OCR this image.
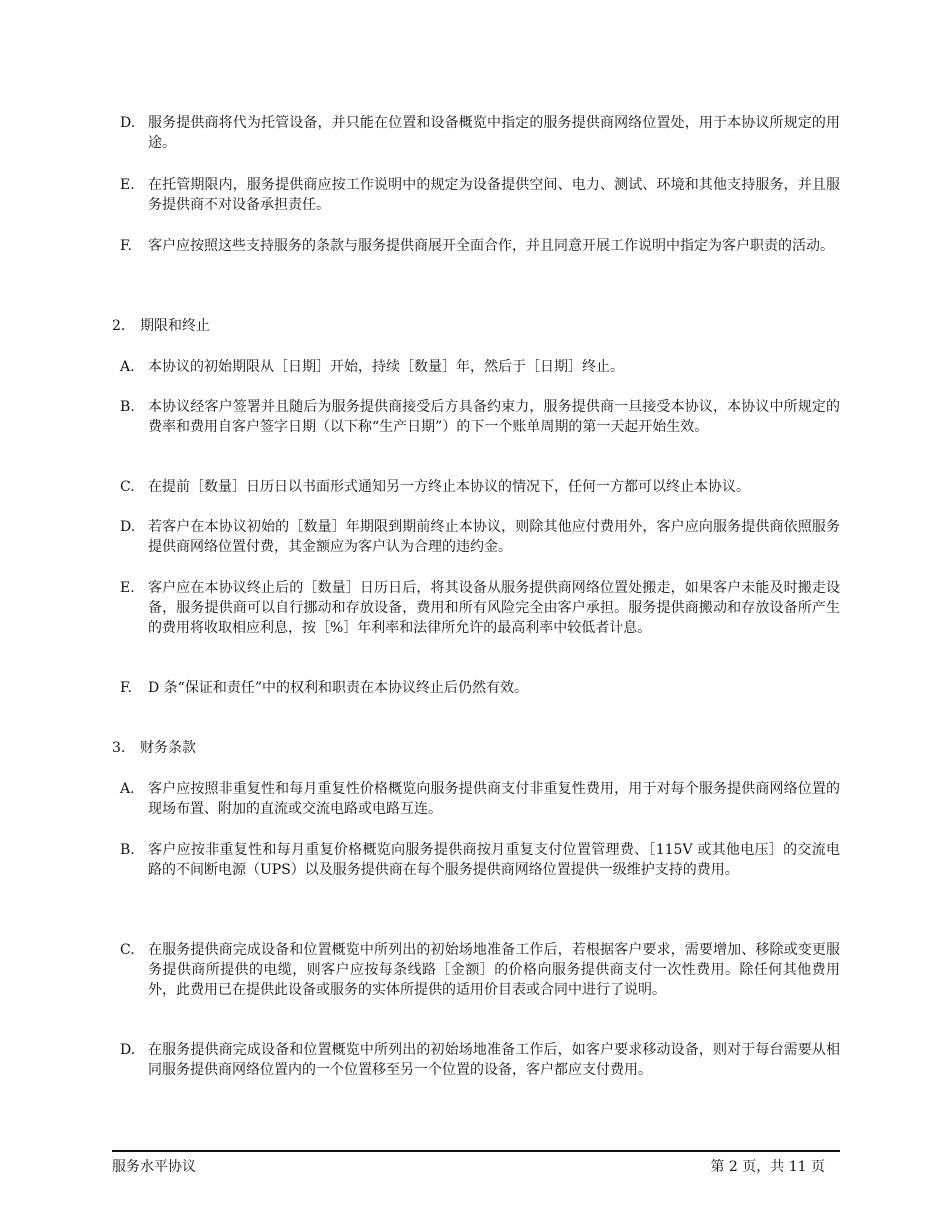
D. 服务提供商将代为托管设备，并只能在位置和设备概览中指定的服务提供商网络位置处，用于本协议所规定的用途。
E. 在托管期限内，服务提供商应按工作说明中的规定为设备提供空间、电力、测试、环境和其他支持服务，并且服务提供商不对设备承担责任。
F.	客户应按照这些支持服务的条款与服务提供商展开全面合作，并且同意开展工作说明中指定为客户职责的活动。
2. 期限和终止
A. 本协议的初始期限从［日期］开始，持续［数量］年，然后于［日期］终止。
B. 本协议经客户签署并且随后为服务提供商接受后方具备约束力，服务提供商一旦接受本协议，本协议中所规定的费率和费用自客户签字日期（以下称“生产日期”）的下一个账单周期的第一天起开始生效。
C. 在提前［数量］日历日以书面形式通知另一方终止本协议的情况下，任何一方都可以终止本协议。
D. 若客户在本协议初始的［数量］年期限到期前终止本协议，则除其他应付费用外，客户应向服务提供商依照服务提供商网络位置付费，其金额应为客户认为合理的违约金。
E. 客户应在本协议终止后的［数量］日历日后，将其设备从服务提供商网络位置处搬走，如果客户未能及时搬走设备，服务提供商可以自行挪动和存放设备，费用和所有风险完全由客户承担。服务提供商搬动和存放设备所产生的费用将收取相应利息，按［%］年利率和法律所允许的最高利率中较低者计息。
F.	D 条“保证和责任”中的权利和职责在本协议终止后仍然有效。
3. 财务条款
A. 客户应按照非重复性和每月重复性价格概览向服务提供商支付非重复性费用，用于对每个服务提供商网络位置的现场布置、附加的直流或交流电路或电路互连。
B. 客户应按非重复性和每月重复价格概览向服务提供商按月重复支付位置管理费、［115V 或其他电压］的交流电路的不间断电源（UPS）以及服务提供商在每个服务提供商网络位置提供一级维护支持的费用。
C. 在服务提供商完成设备和位置概览中所列出的初始场地准备工作后，若根据客户要求，需要增加、移除或变更服务提供商所提供的电缆，则客户应按每条线路［金额］的价格向服务提供商支付一次性费用。除任何其他费用外，此费用已在提供此设备或服务的实体所提供的适用价目表或合同中进行了说明。
D. 在服务提供商完成设备和位置概览中所列出的初始场地准备工作后，如客户要求移动设备，则对于每台需要从相同服务提供商网络位置内的一个位置移至另一个位置的设备，客户都应支付费用。
服务水平协议	第 2 页，共 11 页
